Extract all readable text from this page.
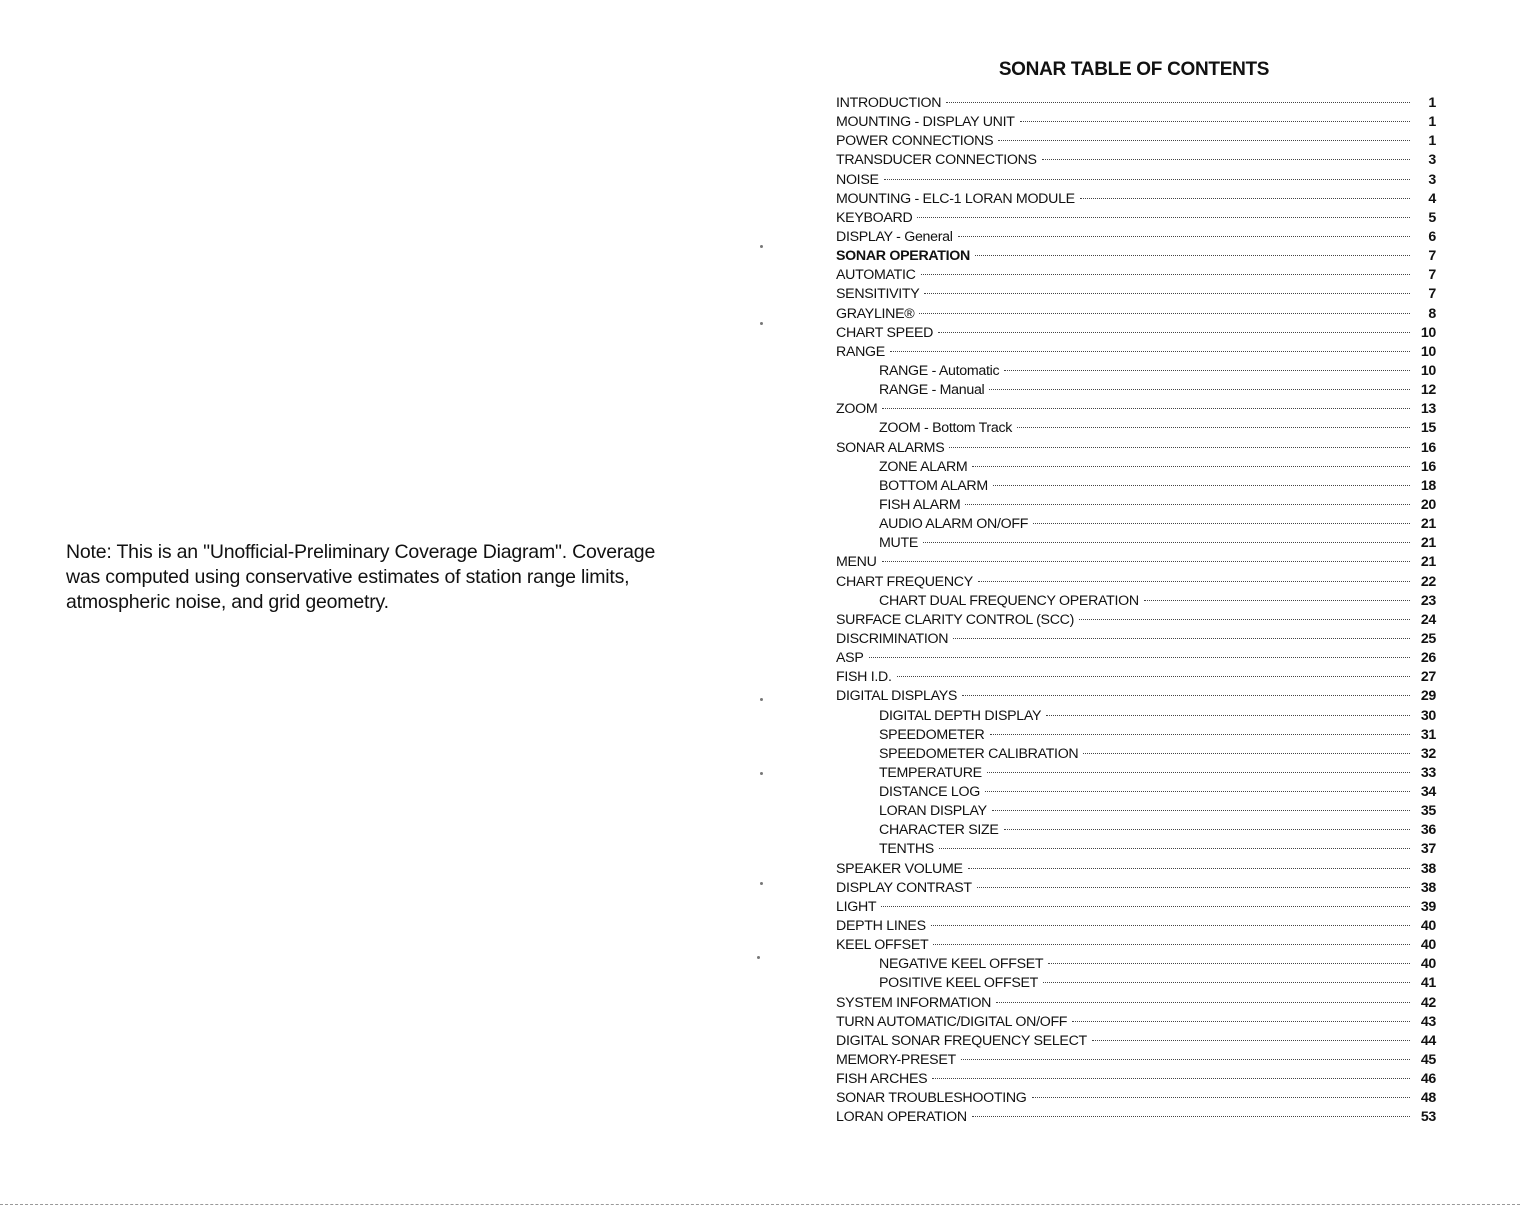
Note: This is an "Unofficial-Preliminary Coverage Diagram". Coverage
was computed using conservative estimates of station range limits,
atmospheric noise, and grid geometry.
SONAR TABLE OF CONTENTS
INTRODUCTION	1
MOUNTING - DISPLAY UNIT	1
POWER CONNECTIONS	1
TRANSDUCER CONNECTIONS	3
NOISE	3
MOUNTING - ELC-1 LORAN MODULE	4
KEYBOARD	5
DISPLAY - General	6
SONAR OPERATION	7
AUTOMATIC	7
SENSITIVITY	7
GRAYLINE®	8
CHART SPEED	10
RANGE	10
RANGE - Automatic	10
RANGE - Manual	12
ZOOM	13
ZOOM - Bottom Track	15
SONAR ALARMS	16
ZONE ALARM	16
BOTTOM ALARM	18
FISH ALARM	20
AUDIO ALARM ON/OFF	21
MUTE	21
MENU	21
CHART FREQUENCY	22
CHART DUAL FREQUENCY OPERATION	23
SURFACE CLARITY CONTROL (SCC)	24
DISCRIMINATION	25
ASP	26
FISH I.D.	27
DIGITAL DISPLAYS	29
DIGITAL DEPTH DISPLAY	30
SPEEDOMETER	31
SPEEDOMETER CALIBRATION	32
TEMPERATURE	33
DISTANCE LOG	34
LORAN DISPLAY	35
CHARACTER SIZE	36
TENTHS	37
SPEAKER VOLUME	38
DISPLAY CONTRAST	38
LIGHT	39
DEPTH LINES	40
KEEL OFFSET	40
NEGATIVE KEEL OFFSET	40
POSITIVE KEEL OFFSET	41
SYSTEM INFORMATION	42
TURN AUTOMATIC/DIGITAL ON/OFF	43
DIGITAL SONAR FREQUENCY SELECT	44
MEMORY-PRESET	45
FISH ARCHES	46
SONAR TROUBLESHOOTING	48
LORAN OPERATION	53
